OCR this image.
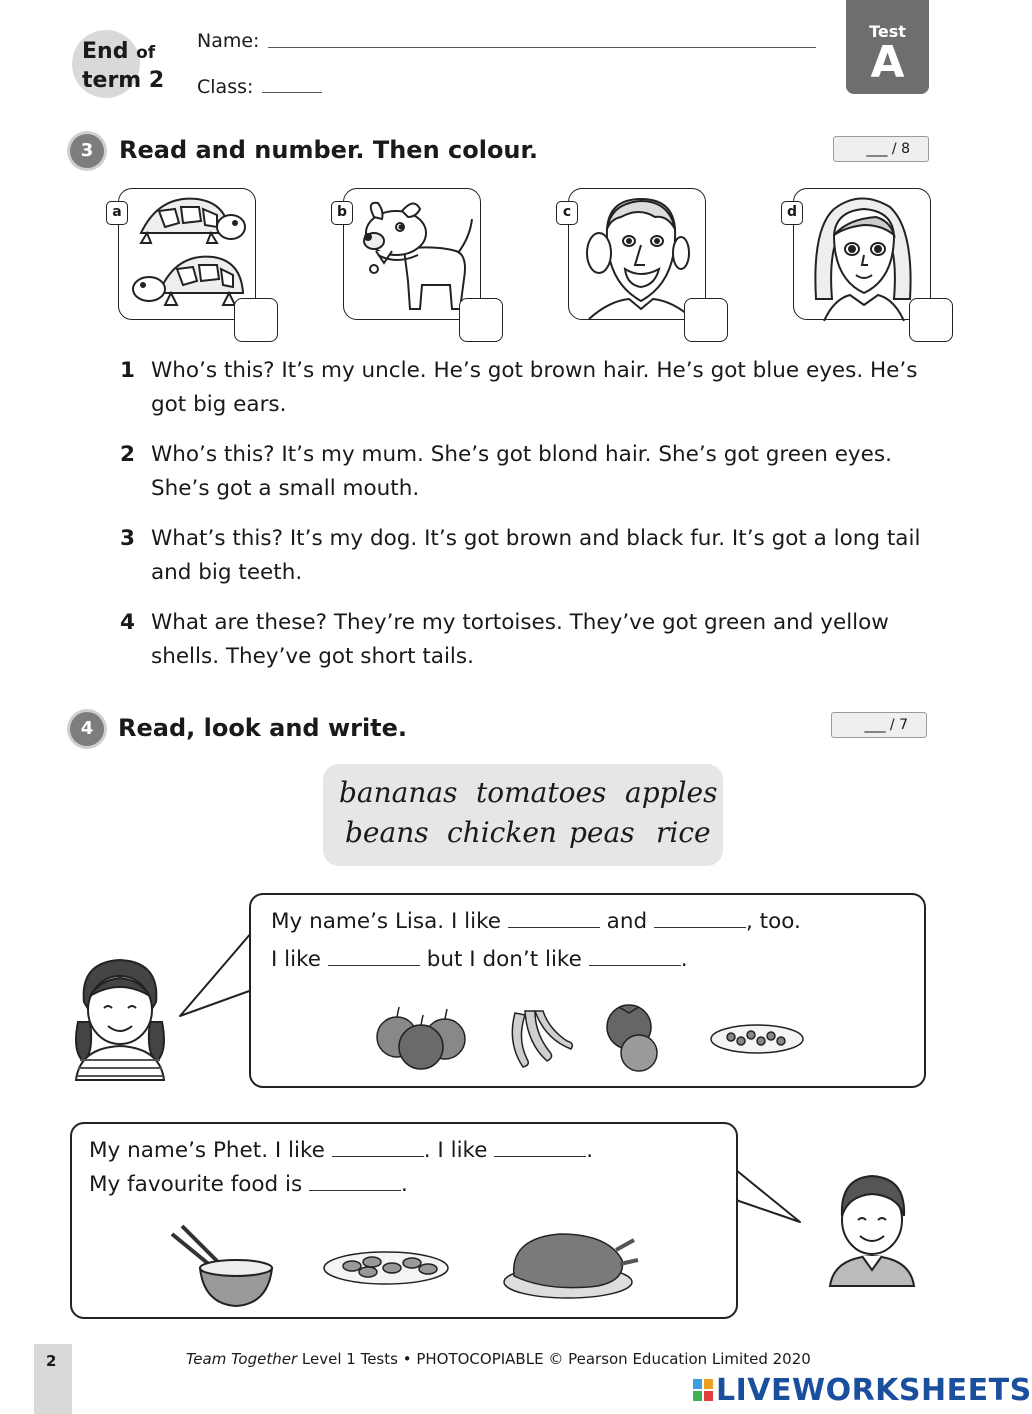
End of
term 2
Name:
Class:
Test
A
3	Read and number. Then colour.	___ / 8
a	b	c	d
1 Who’s this? It’s my uncle. He’s got brown hair. He’s got blue eyes. He’s got big ears.
2 Who’s this? It’s my mum. She’s got blond hair. She’s got green eyes. She’s got a small mouth.
3 What’s this? It’s my dog. It’s got brown and black fur. It’s got a long tail and big teeth.
4 What are these? They’re my tortoises. They’ve got green and yellow shells. They’ve got short tails.
4	Read, look and write.	___ / 7
bananas tomatoes apples
beans chicken peas rice
My name’s Lisa. I like	and	, too.
I like	but I don’t like	.
My name’s Phet. I like	. I like	.
My favourite food is	.
2	Team Together Level 1 Tests • PHOTOCOPIABLE © Pearson Education Limited 2020
LIVEWORKSHEETS
